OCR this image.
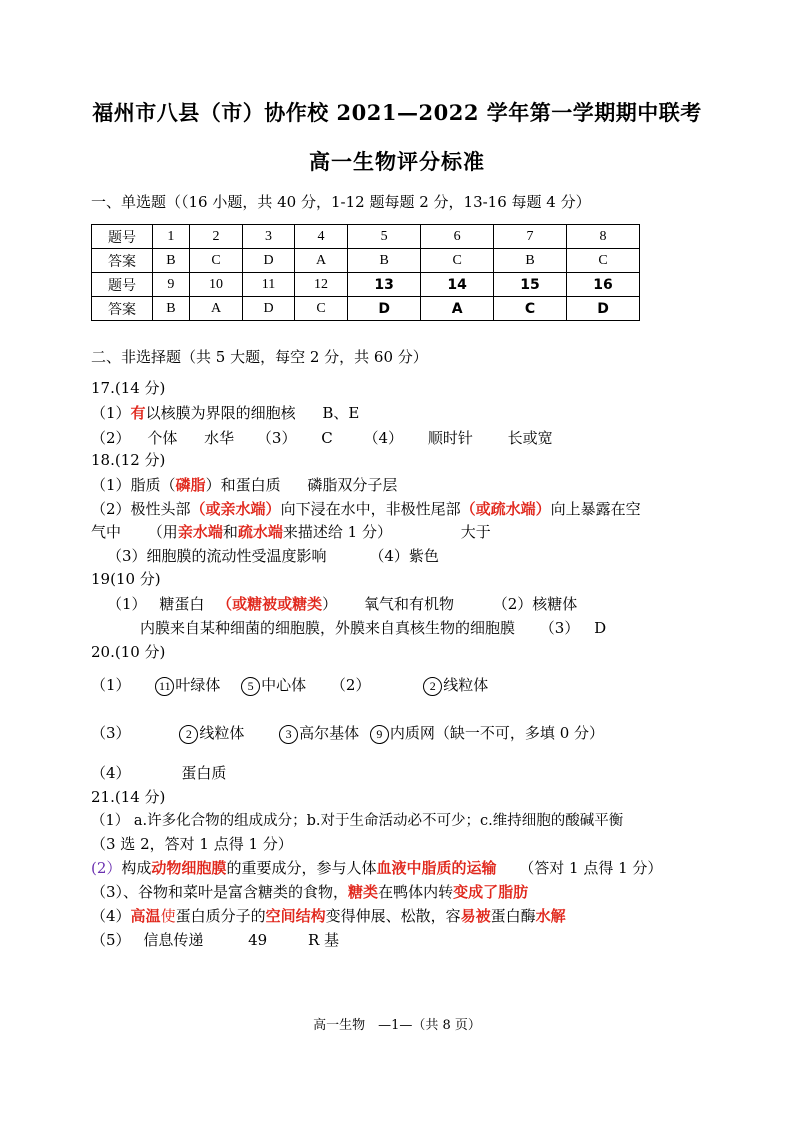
福州市八县（市）协作校 2021—2022 学年第一学期期中联考
高一生物评分标准
一、单选题（（16 小题，共 40 分，1-12 题每题 2 分，13-16 每题 4 分）
题号	1	2	3	4	5	6	7	8
答案	B	C	D	A	B	C	B	C
题号	9	10	11	12	13	14	15	16
答案	B	A	D	C	D	A	C	D
二、非选择题（共 5 大题，每空 2 分，共 60 分）
17.(14 分)
（1）有以核膜为界限的细胞核 B、E
（2） 个体 水华 （3） C （4） 顺时针 长或宽
18.(12 分)
（1）脂质（磷脂）和蛋白质 磷脂双分子层
（2）极性头部（或亲水端）向下浸在水中，非极性尾部（或疏水端）向上暴露在空
气中 （用亲水端和疏水端来描述给 1 分）	大于
（3）细胞膜的流动性受温度影响	（4）紫色
19(10 分)
（1） 糖蛋白 （或糖被或糖类） 氧气和有机物	（2）核糖体
内膜来自某种细菌的细胞膜，外膜来自真核生物的细胞膜 （3） D
20.(10 分)
（1） 11 叶绿体 5 中心体 （2）	2 线粒体
（3）	2 线粒体	3 高尔基体 9 内质网（缺一不可，多填 0 分）
（4）	蛋白质
21.(14 分)
（1） a.许多化合物的组成成分；b.对于生命活动必不可少；c.维持细胞的酸碱平衡
（3 选 2，答对 1 点得 1 分）
(2）构成动物细胞膜的重要成分，参与人体血液中脂质的运输 （答对 1 点得 1 分）
（3）、谷物和菜叶是富含糖类的食物，糖类在鸭体内转变成了脂肪
（4）高温使蛋白质分子的空间结构变得伸展、松散，容易被蛋白酶水解
（5） 信息传递	49	R 基
高一生物　—1—（共 8 页）
